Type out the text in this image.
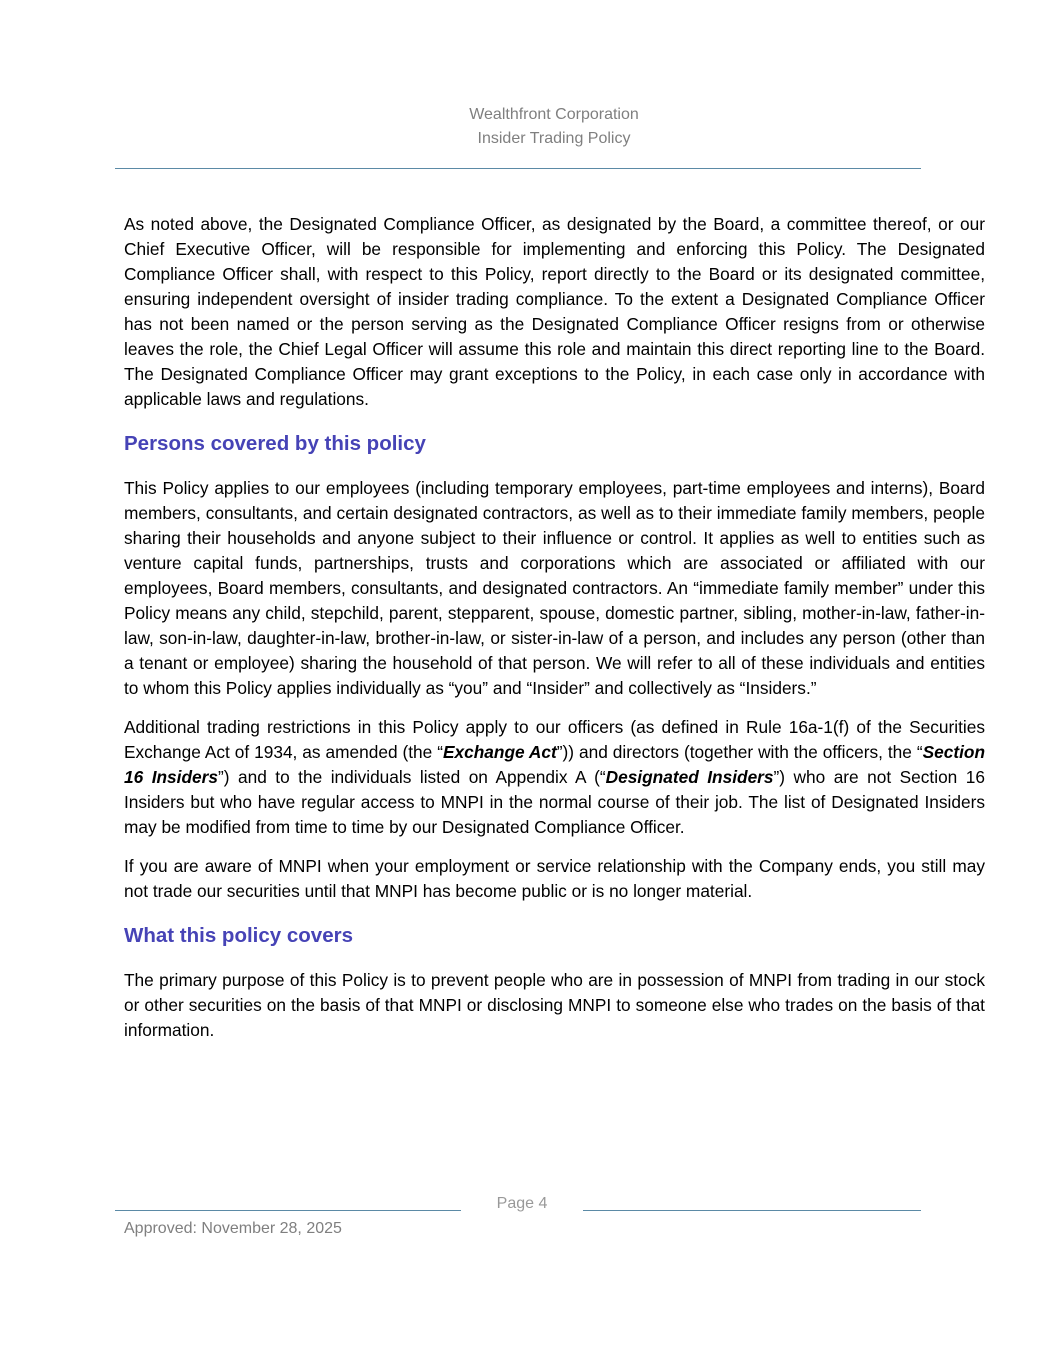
Wealthfront Corporation
Insider Trading Policy

As noted above, the Designated Compliance Officer, as designated by the Board, a committee thereof, or our Chief Executive Officer, will be responsible for implementing and enforcing this Policy. The Designated Compliance Officer shall, with respect to this Policy, report directly to the Board or its designated committee, ensuring independent oversight of insider trading compliance. To the extent a Designated Compliance Officer has not been named or the person serving as the Designated Compliance Officer resigns from or otherwise leaves the role, the Chief Legal Officer will assume this role and maintain this direct reporting line to the Board. The Designated Compliance Officer may grant exceptions to the Policy, in each case only in accordance with applicable laws and regulations.

Persons covered by this policy

This Policy applies to our employees (including temporary employees, part-time employees and interns), Board members, consultants, and certain designated contractors, as well as to their immediate family members, people sharing their households and anyone subject to their influence or control. It applies as well to entities such as venture capital funds, partnerships, trusts and corporations which are associated or affiliated with our employees, Board members, consultants, and designated contractors. An “immediate family member” under this Policy means any child, stepchild, parent, stepparent, spouse, domestic partner, sibling, mother-in-law, father-in-law, son-in-law, daughter-in-law, brother-in-law, or sister-in-law of a person, and includes any person (other than a tenant or employee) sharing the household of that person. We will refer to all of these individuals and entities to whom this Policy applies individually as “you” and “Insider” and collectively as “Insiders.”

Additional trading restrictions in this Policy apply to our officers (as defined in Rule 16a-1(f) of the Securities Exchange Act of 1934, as amended (the “Exchange Act”)) and directors (together with the officers, the “Section 16 Insiders”) and to the individuals listed on Appendix A (“Designated Insiders”) who are not Section 16 Insiders but who have regular access to MNPI in the normal course of their job. The list of Designated Insiders may be modified from time to time by our Designated Compliance Officer.

If you are aware of MNPI when your employment or service relationship with the Company ends, you still may not trade our securities until that MNPI has become public or is no longer material.

What this policy covers

The primary purpose of this Policy is to prevent people who are in possession of MNPI from trading in our stock or other securities on the basis of that MNPI or disclosing MNPI to someone else who trades on the basis of that information.

Page 4
Approved: November 28, 2025
